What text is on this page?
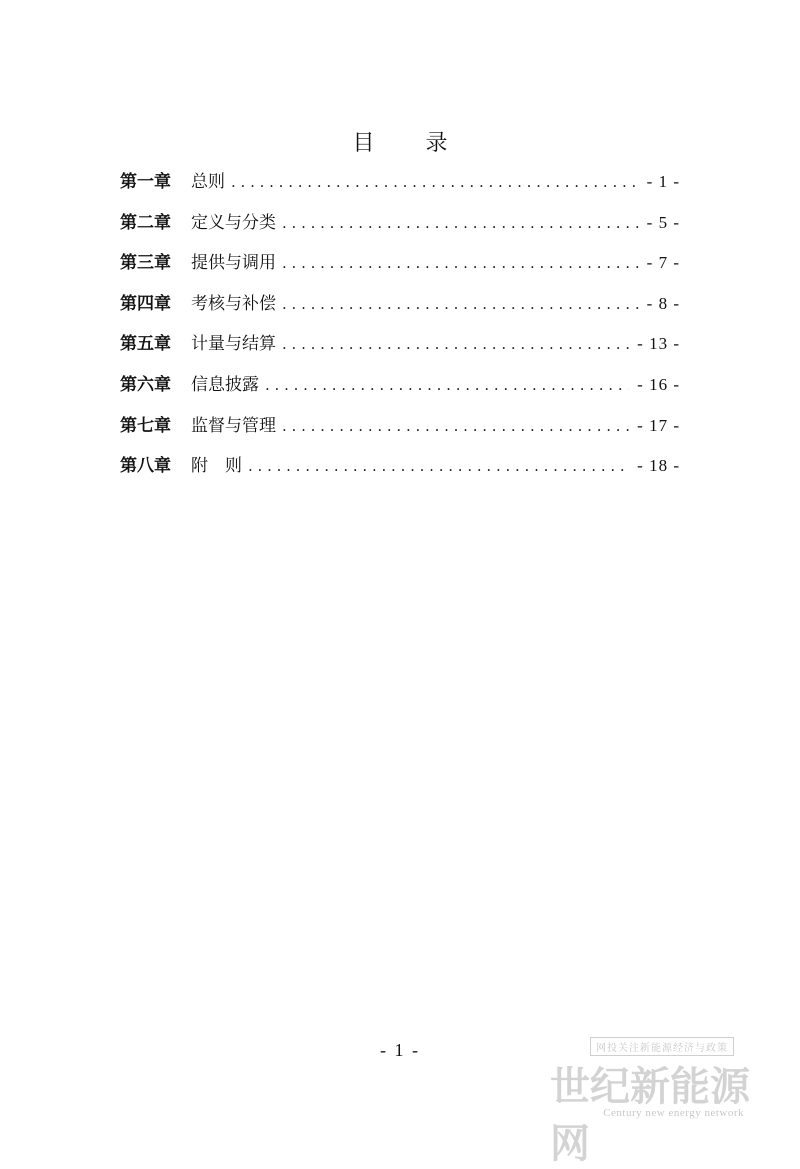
目 录
第一章 总则 . . .	- 1 -
第二章 定义与分类 . . .	- 5 -
第三章 提供与调用 . . .	- 7 -
第四章 考核与补偿 . . .	- 8 -
第五章 计量与结算 . . .	- 13 -
第六章 信息披露 . . .	- 16 -
第七章 监督与管理 . . .	- 17 -
第八章 附　则 . . .	- 18 -
- 1 -	网投关注新能源经济与政策
世纪新能源网
Century new energy network
